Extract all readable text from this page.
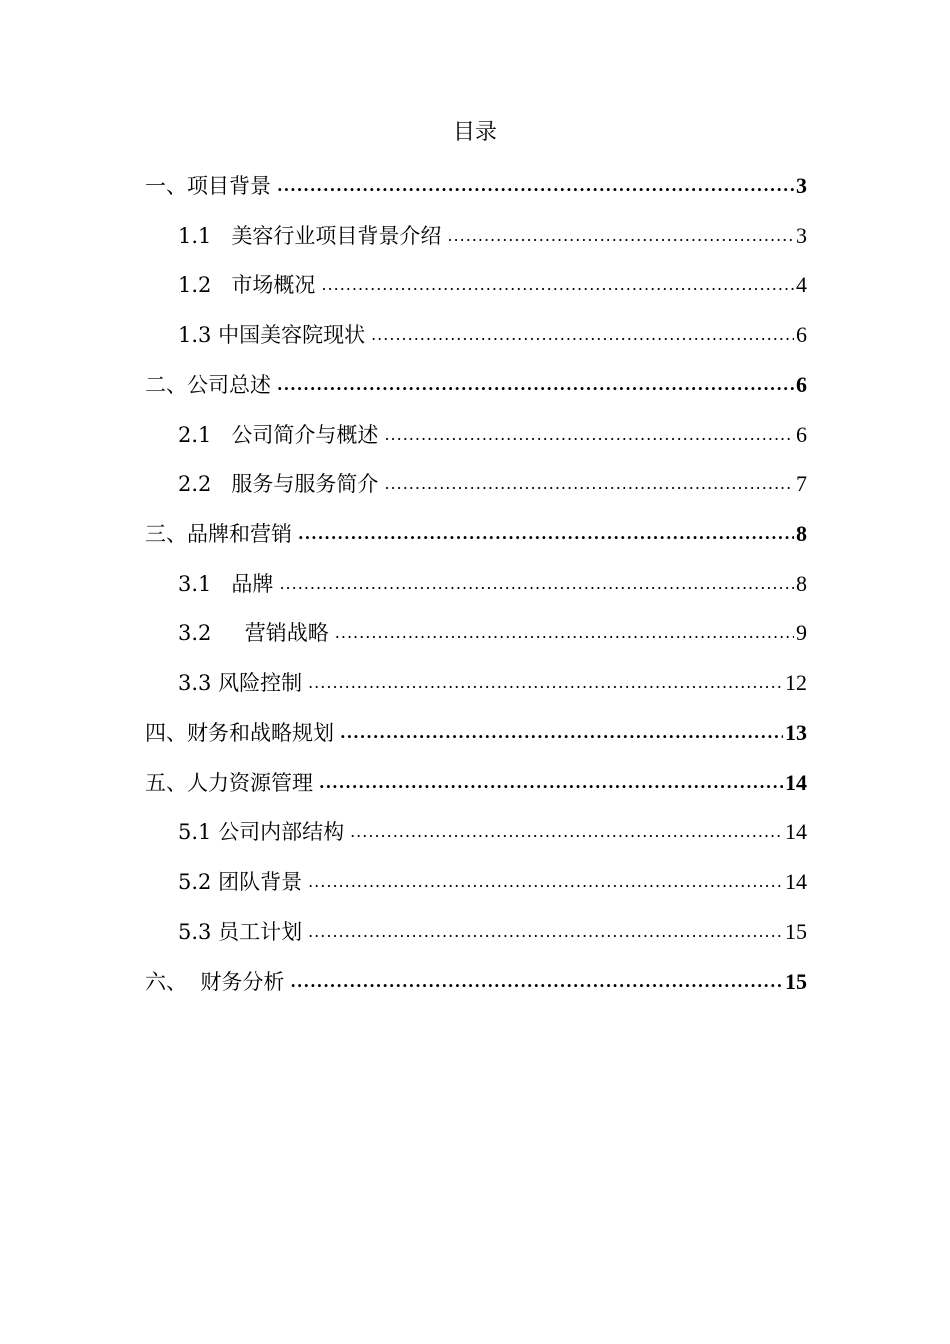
目录
一、 项目背景 .....	3
1.1 美容行业项目背景介绍 .....	3
1.2 市场概况 .....	4
1.3 中国美容院现状 .....	6
二、 公司总述 .....	6
2.1 公司简介与概述 .....	6
2.2 服务与服务简介 .....	7
三、 品牌和营销 .....	8
3.1 品牌 .....	8
3.2 营销战略 .....	9
3.3 风险控制 .....	12
四、 财务和战略规划 .....	13
五、 人力资源管理 .....	14
5.1 公司内部结构 .....	14
5.2 团队背景 .....	14
5.3 员工计划 .....	15
六、 财务分析 .....	15
